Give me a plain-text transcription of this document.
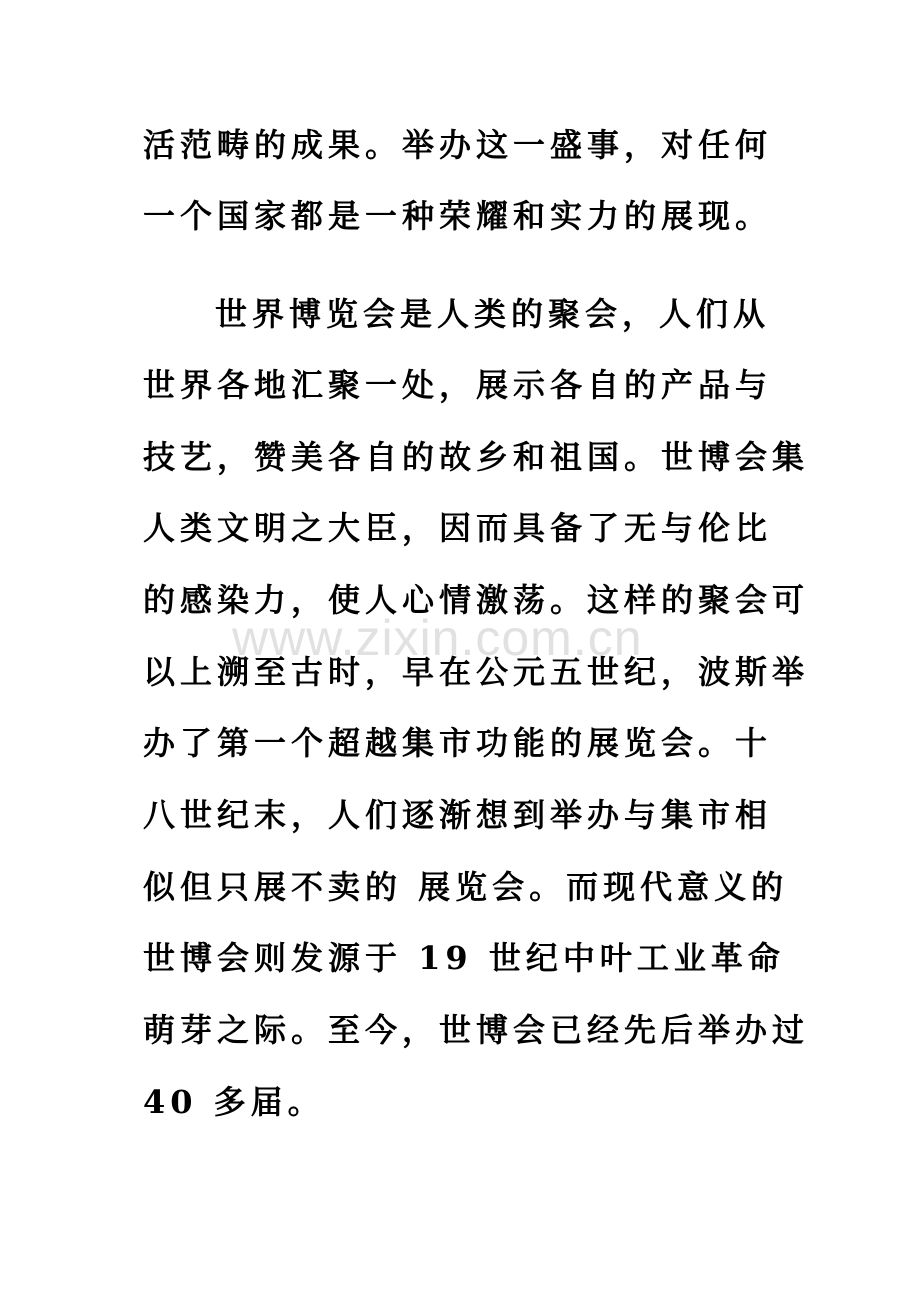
活范畴的成果。举办这一盛事，对任何
一个国家都是一种荣耀和实力的展现。
世界博览会是人类的聚会，人们从
世界各地汇聚一处，展示各自的产品与
技艺，赞美各自的故乡和祖国。世博会集
人类文明之大臣，因而具备了无与伦比
的感染力，使人心情激荡。这样的聚会可
以上溯至古时，早在公元五世纪，波斯举
办了第一个超越集市功能的展览会。十
八世纪末，人们逐渐想到举办与集市相
似但只展不卖的 展览会。而现代意义的
世博会则发源于 19 世纪中叶工业革命
萌芽之际。至今，世博会已经先后举办过
40 多届。
www.zixin.com.cn
